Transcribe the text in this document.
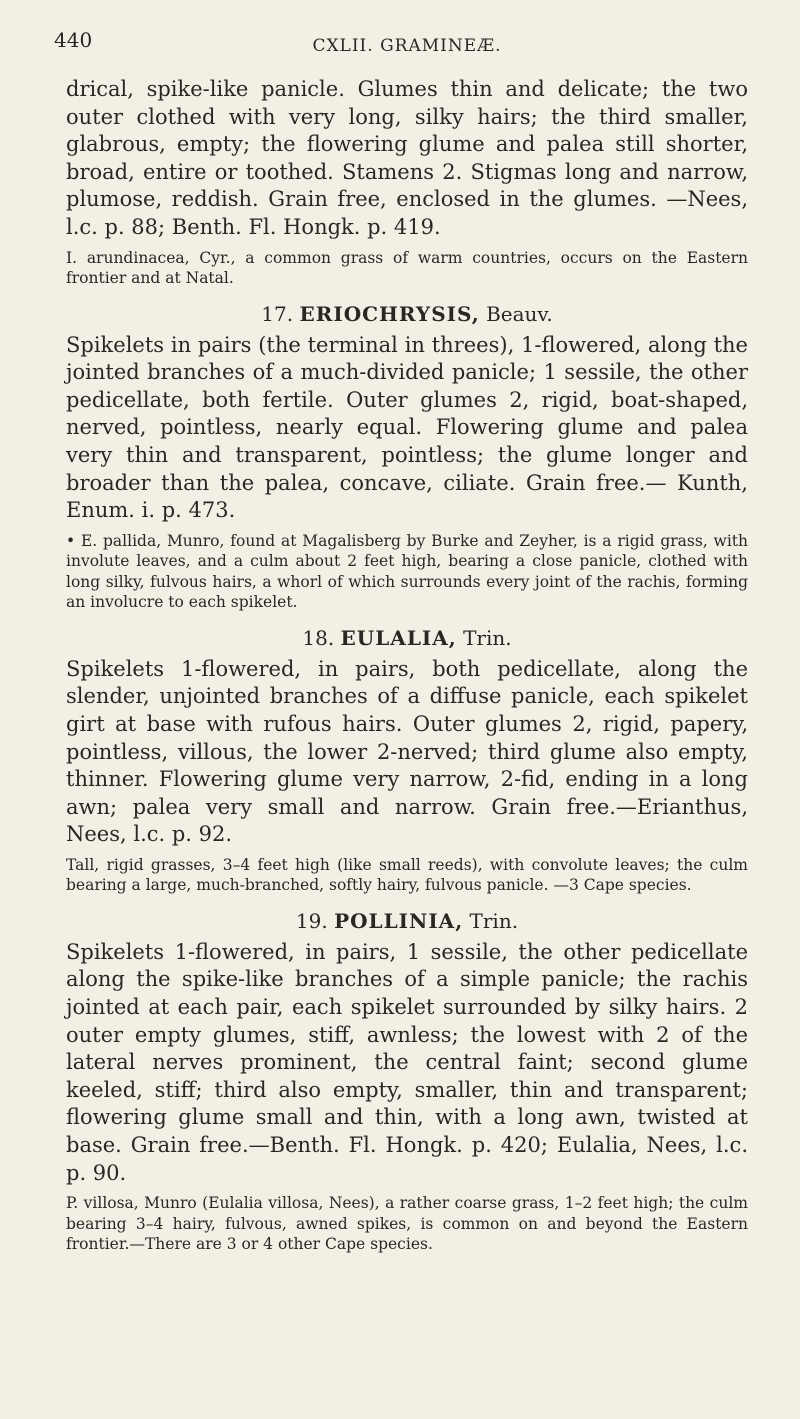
440	CXLII. GRAMINEÆ.

drical, spike-like panicle. Glumes thin and delicate; the two outer clothed with very long, silky hairs; the third smaller, glabrous, empty; the flowering glume and palea still shorter, broad, entire or toothed. Stamens 2. Stigmas long and narrow, plumose, reddish. Grain free, enclosed in the glumes. —Nees, l.c. p. 88; Benth. Fl. Hongk. p. 419.

I. arundinacea, Cyr., a common grass of warm countries, occurs on the Eastern frontier and at Natal.

17. ERIOCHRYSIS, Beauv.

Spikelets in pairs (the terminal in threes), 1-flowered, along the jointed branches of a much-divided panicle; 1 sessile, the other pedicellate, both fertile. Outer glumes 2, rigid, boat-shaped, nerved, pointless, nearly equal. Flowering glume and palea very thin and transparent, pointless; the glume longer and broader than the palea, concave, ciliate. Grain free.— Kunth, Enum. i. p. 473.

• E. pallida, Munro, found at Magalisberg by Burke and Zeyher, is a rigid grass, with involute leaves, and a culm about 2 feet high, bearing a close panicle, clothed with long silky, fulvous hairs, a whorl of which surrounds every joint of the rachis, forming an involucre to each spikelet.

18. EULALIA, Trin.

Spikelets 1-flowered, in pairs, both pedicellate, along the slender, unjointed branches of a diffuse panicle, each spikelet girt at base with rufous hairs. Outer glumes 2, rigid, papery, pointless, villous, the lower 2-nerved; third glume also empty, thinner. Flowering glume very narrow, 2-fid, ending in a long awn; palea very small and narrow. Grain free.—Erianthus, Nees, l.c. p. 92.

Tall, rigid grasses, 3–4 feet high (like small reeds), with convolute leaves; the culm bearing a large, much-branched, softly hairy, fulvous panicle. —3 Cape species.

19. POLLINIA, Trin.

Spikelets 1-flowered, in pairs, 1 sessile, the other pedicellate along the spike-like branches of a simple panicle; the rachis jointed at each pair, each spikelet surrounded by silky hairs. 2 outer empty glumes, stiff, awnless; the lowest with 2 of the lateral nerves prominent, the central faint; second glume keeled, stiff; third also empty, smaller, thin and transparent; flowering glume small and thin, with a long awn, twisted at base. Grain free.—Benth. Fl. Hongk. p. 420; Eulalia, Nees, l.c. p. 90.

P. villosa, Munro (Eulalia villosa, Nees), a rather coarse grass, 1–2 feet high; the culm bearing 3–4 hairy, fulvous, awned spikes, is common on and beyond the Eastern frontier.—There are 3 or 4 other Cape species.
